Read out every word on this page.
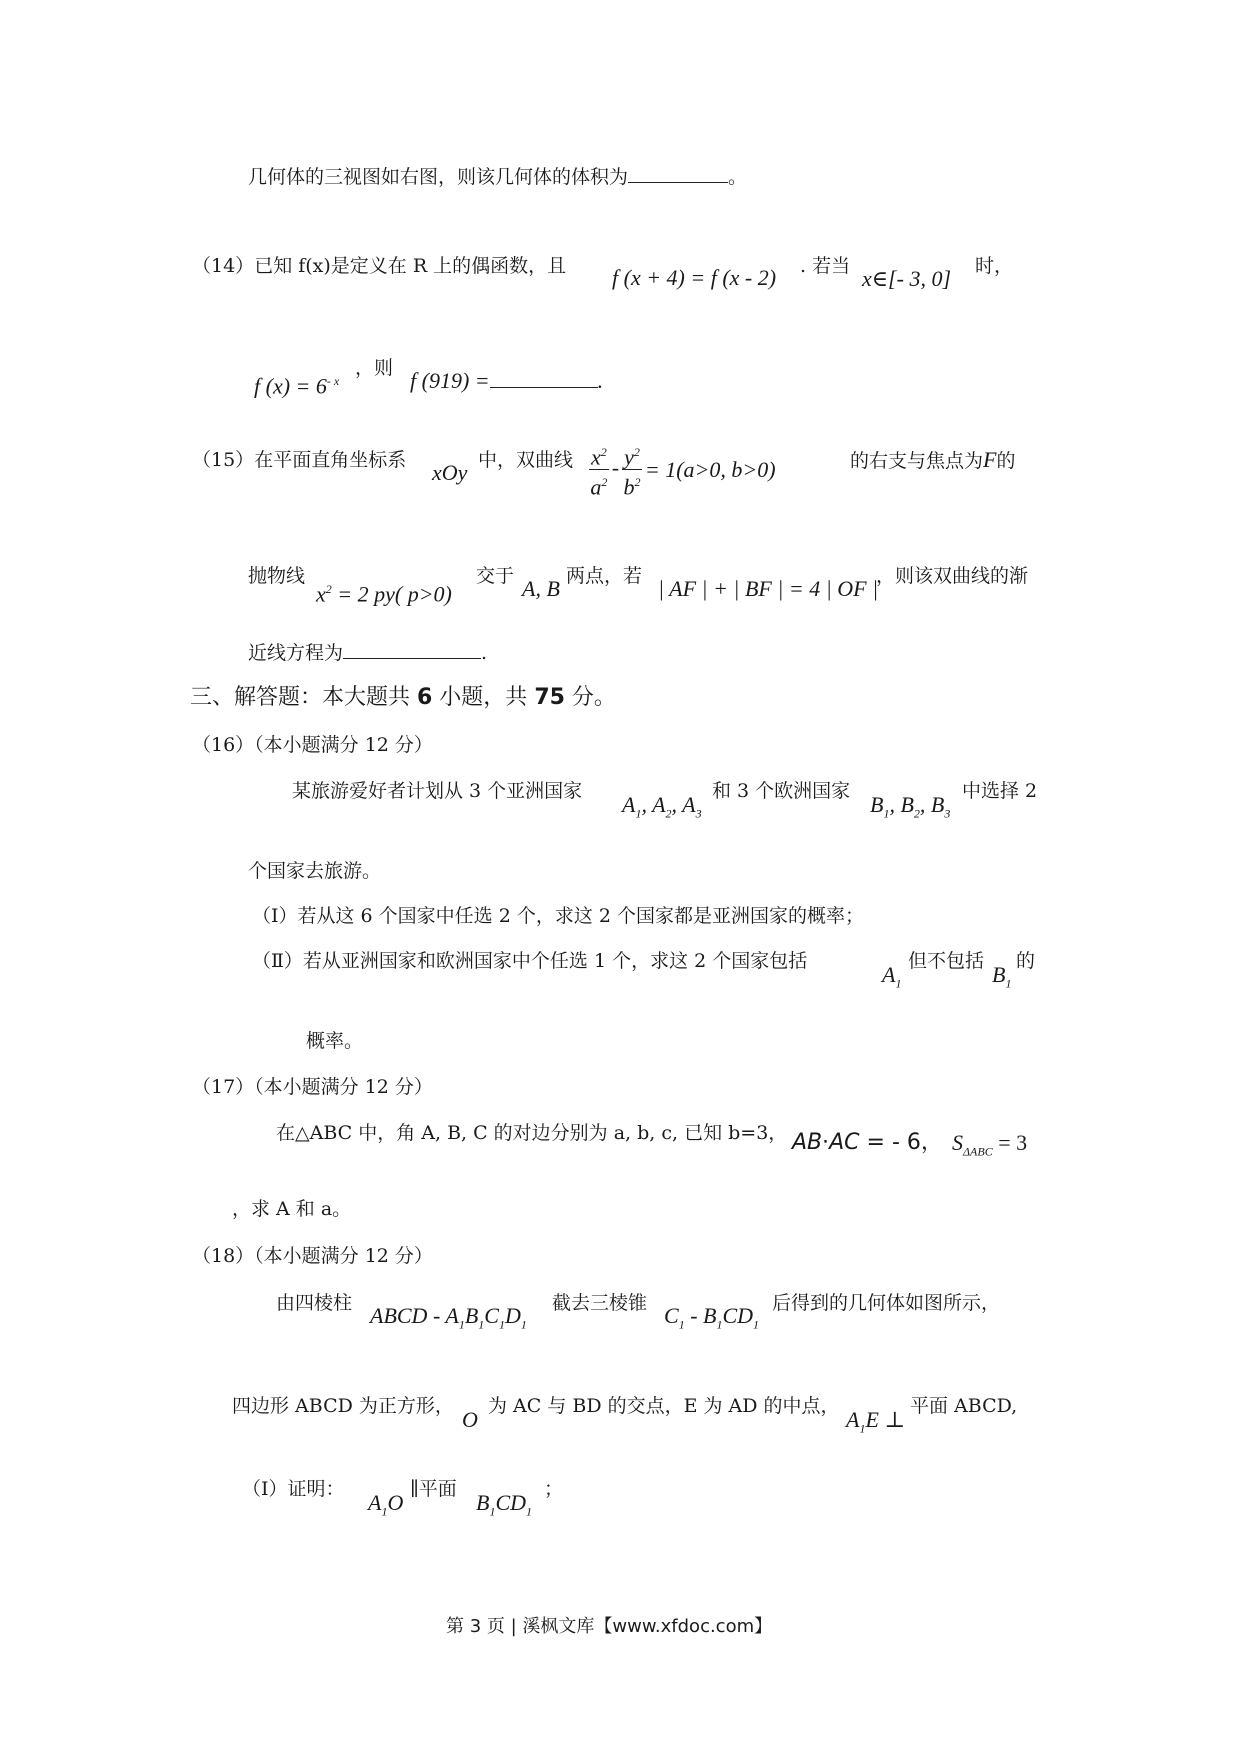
几何体的三视图如右图，则该几何体的体积为	。
（14）已知 f(x)是定义在 R 上的偶函数，且 f (x + 4) = f (x - 2) . 若当 x∈[- 3, 0] 时，
f $(x) = 6^{- x}$
，则 f (919) =	.
（15）在平面直角坐标系 xOy 中，双曲线 $\frac{x^2}{a^2} - \frac{y^2}{b^2} = 1(a>0$, b>0)	的右支与焦点为F的
抛物线
$x^2 = 2$ py( p>0)
交于 A, B 两点，若 | AF | + | BF | = 4 | OF |
，则该双曲线的渐
近线方程为	.
三、解答题：本大题共 6 小题，共 75 分。
（16）（本小题满分 12 分）
某旅游爱好者计划从 3 个亚洲国家
$A_1$, $A_2$, $A_3$
和 3 个欧洲国家
$B_1$, $B_2$, $B_3$
中选择 2
个国家去旅游。
（Ⅰ）若从这 6 个国家中任选 2 个，求这 2 个国家都是亚洲国家的概率；
（Ⅱ）若从亚洲国家和欧洲国家中个任选 1 个，求这 2 个国家包括
$A_1$
但不包括
$B_1$
的
概率。
（17）（本小题满分 12 分）
在△ABC 中，角 A, B, C 的对边分别为 a, b, c, 已知 b=3， AB⋅AC = - 6， $S_{\Delta ABC} = 3$
，求 A 和 a。
（18）（本小题满分 12 分）
由四棱柱 ABCD - $A_1B_1C_1D_1$
截去三棱锥 $C_1 - B_1CD_1$
后得到的几何体如图所示，
四边形 ABCD 为正方形，
O
为 AC 与 BD 的交点，E 为 AD 的中点，
$A_1E$ ⊥
平面 ABCD,
（Ⅰ）证明：
$A_1O$
∥平面
$B_1CD_1$
；
第 3 页 | 溪枫文库【www.xfdoc.com】
